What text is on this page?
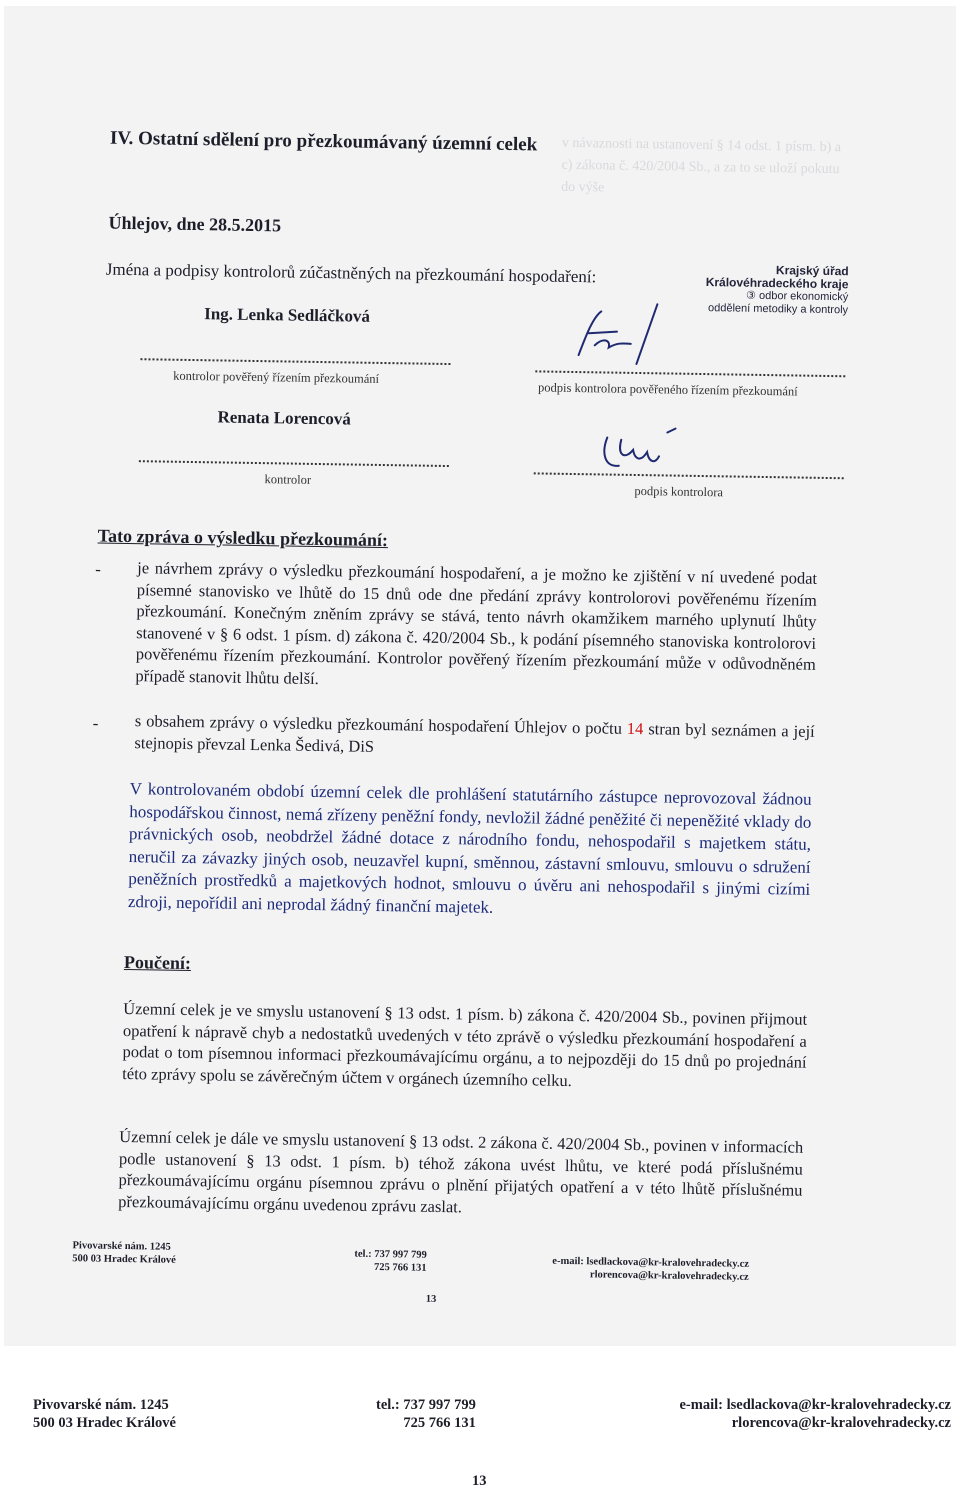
v návaznosti na ustanovení § 14 odst. 1 písm. b) a c) zákona č. 420/2004 Sb., a za to se uloží pokutu do výše
IV. Ostatní sdělení pro přezkoumávaný územní celek
Úhlejov, dne 28.5.2015
Jména a podpisy kontrolorů zúčastněných na přezkoumání hospodaření:	Krajský úřad
Královéhradeckého kraje
③ odbor ekonomický
oddělení metodiky a kontroly
Ing. Lenka Sedláčková
kontrolor pověřený řízením přezkoumání
podpis kontrolora pověřeného řízením přezkoumání
Renata Lorencová
kontrolor
podpis kontrolora
Tato zpráva o výsledku přezkoumání:
- je návrhem zprávy o výsledku přezkoumání hospodaření, a je možno ke zjištění v ní uvedené podat písemné stanovisko ve lhůtě do 15 dnů ode dne předání zprávy kontrolorovi pověřenému řízením přezkoumání. Konečným zněním zprávy se stává, tento návrh okamžikem marného uplynutí lhůty stanovené v § 6 odst. 1 písm. d) zákona č. 420/2004 Sb., k podání písemného stanoviska kontrolorovi pověřenému řízením přezkoumání. Kontrolor pověřený řízením přezkoumání může v odůvodněném případě stanovit lhůtu delší.
- s obsahem zprávy o výsledku přezkoumání hospodaření Úhlejov o počtu 14 stran byl seznámen a její stejnopis převzal Lenka Šedivá, DiS
V kontrolovaném období územní celek dle prohlášení statutárního zástupce neprovozoval žádnou hospodářskou činnost, nemá zřízeny peněžní fondy, nevložil žádné peněžité či nepeněžité vklady do právnických osob, neobdržel žádné dotace z národního fondu, nehospodařil s majetkem státu, neručil za závazky jiných osob, neuzavřel kupní, směnnou, zástavní smlouvu, smlouvu o sdružení peněžních prostředků a majetkových hodnot, smlouvu o úvěru ani nehospodařil s jinými cizími zdroji, nepořídil ani neprodal žádný finanční majetek.
Poučení:
Územní celek je ve smyslu ustanovení § 13 odst. 1 písm. b) zákona č. 420/2004 Sb., povinen přijmout opatření k nápravě chyb a nedostatků uvedených v této zprávě o výsledku přezkoumání hospodaření a podat o tom písemnou informaci přezkoumávajícímu orgánu, a to nejpozději do 15 dnů po projednání této zprávy spolu se závěrečným účtem v orgánech územního celku.
Územní celek je dále ve smyslu ustanovení § 13 odst. 2 zákona č. 420/2004 Sb., povinen v informacích podle ustanovení § 13 odst. 1 písm. b) téhož zákona uvést lhůtu, ve které podá příslušnému přezkoumávajícímu orgánu písemnou zprávu o plnění přijatých opatření a v této lhůtě příslušnému přezkoumávajícímu orgánu uvedenou zprávu zaslat.
Pivovarské nám. 1245
500 03 Hradec Králové	tel.: 737 997 799
725 766 131	e-mail: lsedlackova@kr-kralovehradecky.cz
rlorencova@kr-kralovehradecky.cz
13
Pivovarské nám. 1245
500 03 Hradec Králové
tel.: 737 997 799
725 766 131
e-mail: lsedlackova@kr-kralovehradecky.cz
rlorencova@kr-kralovehradecky.cz
13
